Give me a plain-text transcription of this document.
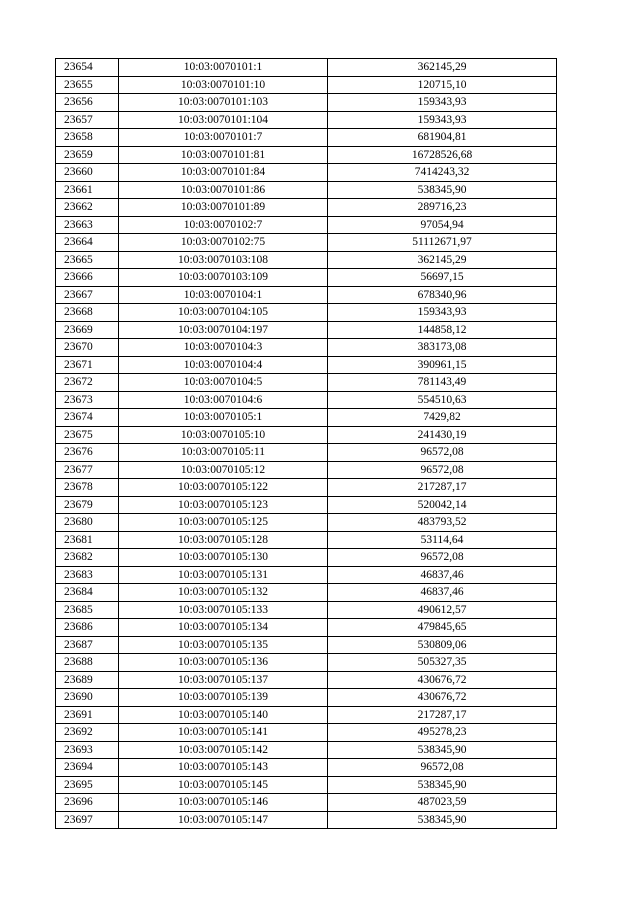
23654	10:03:0070101:1	362145,29
23655	10:03:0070101:10	120715,10
23656	10:03:0070101:103	159343,93
23657	10:03:0070101:104	159343,93
23658	10:03:0070101:7	681904,81
23659	10:03:0070101:81	16728526,68
23660	10:03:0070101:84	7414243,32
23661	10:03:0070101:86	538345,90
23662	10:03:0070101:89	289716,23
23663	10:03:0070102:7	97054,94
23664	10:03:0070102:75	51112671,97
23665	10:03:0070103:108	362145,29
23666	10:03:0070103:109	56697,15
23667	10:03:0070104:1	678340,96
23668	10:03:0070104:105	159343,93
23669	10:03:0070104:197	144858,12
23670	10:03:0070104:3	383173,08
23671	10:03:0070104:4	390961,15
23672	10:03:0070104:5	781143,49
23673	10:03:0070104:6	554510,63
23674	10:03:0070105:1	7429,82
23675	10:03:0070105:10	241430,19
23676	10:03:0070105:11	96572,08
23677	10:03:0070105:12	96572,08
23678	10:03:0070105:122	217287,17
23679	10:03:0070105:123	520042,14
23680	10:03:0070105:125	483793,52
23681	10:03:0070105:128	53114,64
23682	10:03:0070105:130	96572,08
23683	10:03:0070105:131	46837,46
23684	10:03:0070105:132	46837,46
23685	10:03:0070105:133	490612,57
23686	10:03:0070105:134	479845,65
23687	10:03:0070105:135	530809,06
23688	10:03:0070105:136	505327,35
23689	10:03:0070105:137	430676,72
23690	10:03:0070105:139	430676,72
23691	10:03:0070105:140	217287,17
23692	10:03:0070105:141	495278,23
23693	10:03:0070105:142	538345,90
23694	10:03:0070105:143	96572,08
23695	10:03:0070105:145	538345,90
23696	10:03:0070105:146	487023,59
23697	10:03:0070105:147	538345,90
